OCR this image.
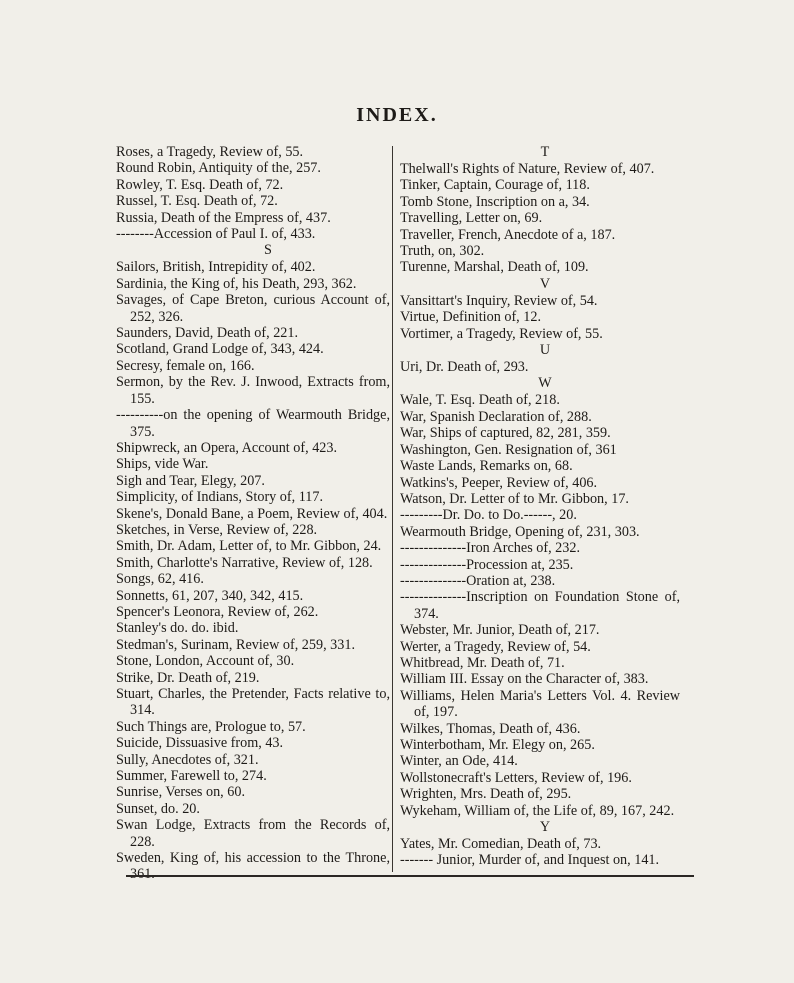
INDEX.
Roses, a Tragedy, Review of, 55.
Round Robin, Antiquity of the, 257.
Rowley, T. Esq. Death of, 72.
Russel, T. Esq. Death of, 72.
Russia, Death of the Empress of, 437.
--------Accession of Paul I. of, 433.
S
Sailors, British, Intrepidity of, 402.
Sardinia, the King of, his Death, 293, 362.
Savages, of Cape Breton, curious Account of, 252, 326.
Saunders, David, Death of, 221.
Scotland, Grand Lodge of, 343, 424.
Secresy, female on, 166.
Sermon, by the Rev. J. Inwood, Extracts from, 155.
----------on the opening of Wearmouth Bridge, 375.
Shipwreck, an Opera, Account of, 423.
Ships, vide War.
Sigh and Tear, Elegy, 207.
Simplicity, of Indians, Story of, 117.
Skene's, Donald Bane, a Poem, Review of, 404.
Sketches, in Verse, Review of, 228.
Smith, Dr. Adam, Letter of, to Mr. Gibbon, 24.
Smith, Charlotte's Narrative, Review of, 128.
Songs, 62, 416.
Sonnetts, 61, 207, 340, 342, 415.
Spencer's Leonora, Review of, 262.
Stanley's do. do. ibid.
Stedman's, Surinam, Review of, 259, 331.
Stone, London, Account of, 30.
Strike, Dr. Death of, 219.
Stuart, Charles, the Pretender, Facts relative to, 314.
Such Things are, Prologue to, 57.
Suicide, Dissuasive from, 43.
Sully, Anecdotes of, 321.
Summer, Farewell to, 274.
Sunrise, Verses on, 60.
Sunset, do. 20.
Swan Lodge, Extracts from the Records of, 228.
Sweden, King of, his accession to the Throne,
T
Thelwall's Rights of Nature, Review of, 407.
Tinker, Captain, Courage of, 118.
Tomb Stone, Inscription on a, 34.
Travelling, Letter on, 69.
Traveller, French, Anecdote of a, 187.
Truth, on, 302.
Turenne, Marshal, Death of, 109.
V
Vansittart's Inquiry, Review of, 54.
Virtue, Definition of, 12.
Vortimer, a Tragedy, Review of, 55.
U
Uri, Dr. Death of, 293.
W
Wale, T. Esq. Death of, 218.
War, Spanish Declaration of, 288.
War, Ships of captured, 82, 281, 359.
Washington, Gen. Resignation of, 361
Waste Lands, Remarks on, 68.
Watkins's, Peeper, Review of, 406.
Watson, Dr. Letter of to Mr. Gibbon, 17.
---------Dr. Do. to Do.------, 20.
Wearmouth Bridge, Opening of, 231, 303.
--------------Iron Arches of, 232.
--------------Procession at, 235.
--------------Oration at, 238.
--------------Inscription on Foundation Stone of, 374.
Webster, Mr. Junior, Death of, 217.
Werter, a Tragedy, Review of, 54.
Whitbread, Mr. Death of, 71.
William III. Essay on the Character of, 383.
Williams, Helen Maria's Letters Vol. 4. Review of, 197.
Wilkes, Thomas, Death of, 436.
Winterbotham, Mr. Elegy on, 265.
Winter, an Ode, 414.
Wollstonecraft's Letters, Review of, 196.
Wrighten, Mrs. Death of, 295.
Wykeham, William of, the Life of, 89, 167, 242.
Y
Yates, Mr. Comedian, Death of, 73.
------- Junior, Murder of, and Inquest on, 141.
